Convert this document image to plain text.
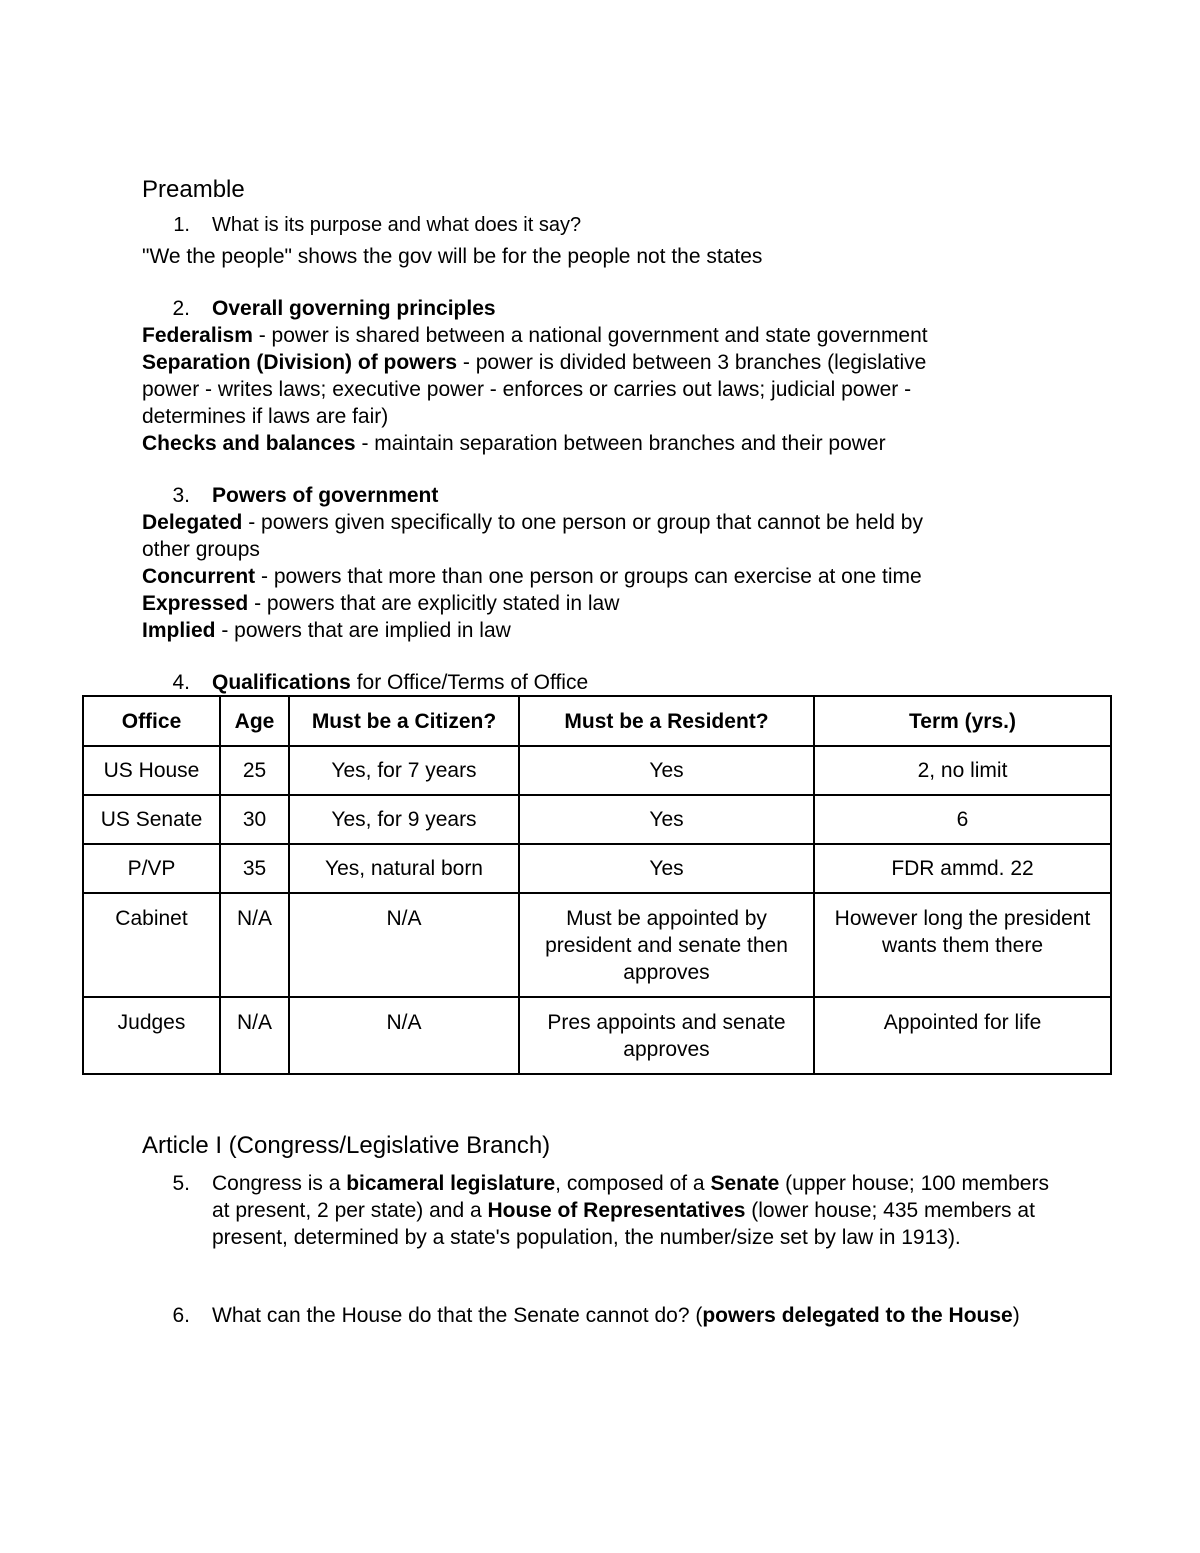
Preamble
1. What is its purpose and what does it say?
"We the people" shows the gov will be for the people not the states
2. Overall governing principles
Federalism - power is shared between a national government and state government
Separation (Division) of powers - power is divided between 3 branches (legislative
power - writes laws; executive power - enforces or carries out laws; judicial power -
determines if laws are fair)
Checks and balances - maintain separation between branches and their power
3. Powers of government
Delegated - powers given specifically to one person or group that cannot be held by
other groups
Concurrent - powers that more than one person or groups can exercise at one time
Expressed - powers that are explicitly stated in law
Implied - powers that are implied in law
4. Qualifications for Office/Terms of Office
Office	Age	Must be a Citizen?	Must be a Resident?	Term (yrs.)
US House	25	Yes, for 7 years	Yes	2, no limit
US Senate	30	Yes, for 9 years	Yes	6
P/VP	35	Yes, natural born	Yes	FDR ammd. 22
Cabinet	N/A	N/A	Must be appointed by president and senate then approves	However long the president wants them there
Judges	N/A	N/A	Pres appoints and senate approves	Appointed for life
Article I (Congress/Legislative Branch)
5. Congress is a bicameral legislature, composed of a Senate (upper house; 100 members at present, 2 per state) and a House of Representatives (lower house; 435 members at present, determined by a state's population, the number/size set by law in 1913).
6. What can the House do that the Senate cannot do? (powers delegated to the House)
